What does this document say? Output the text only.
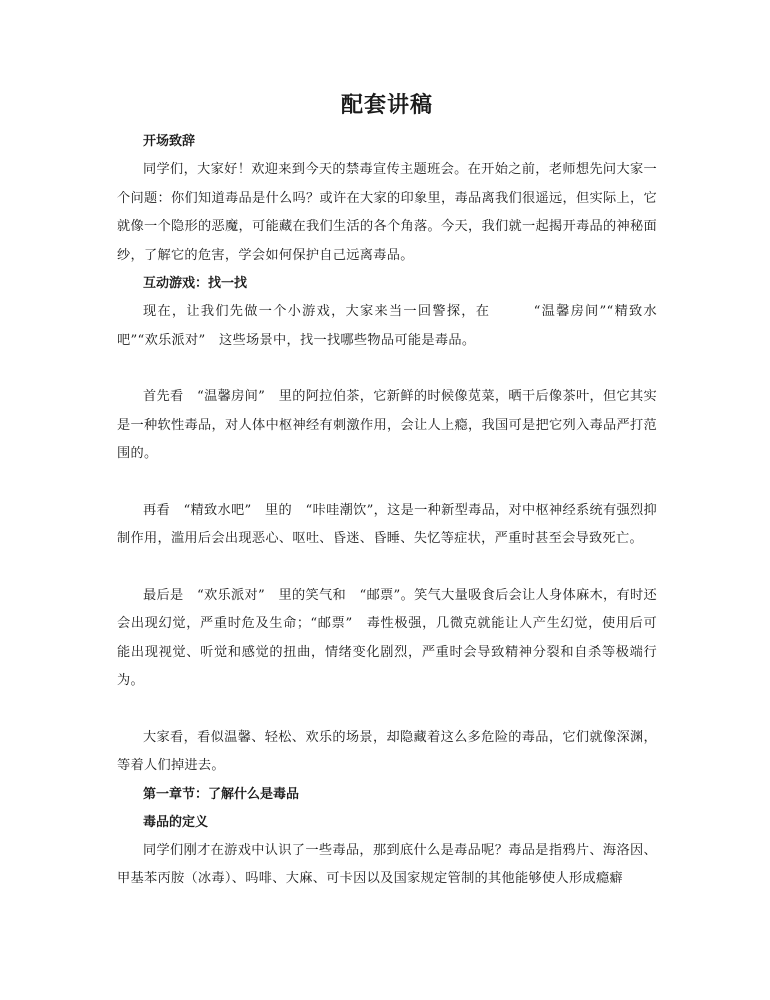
配套讲稿

开场致辞

同学们，大家好！欢迎来到今天的禁毒宣传主题班会。在开始之前，老师想先问大家一个问题：你们知道毒品是什么吗？或许在大家的印象里，毒品离我们很遥远，但实际上，它就像一个隐形的恶魔，可能藏在我们生活的各个角落。今天，我们就一起揭开毒品的神秘面纱，了解它的危害，学会如何保护自己远离毒品。

互动游戏：找一找

现在，让我们先做一个小游戏，大家来当一回警探，在　　　“温馨房间”“精致水吧”“欢乐派对”　这些场景中，找一找哪些物品可能是毒品。

首先看　“温馨房间”　里的阿拉伯茶，它新鲜的时候像苋菜，晒干后像茶叶，但它其实是一种软性毒品，对人体中枢神经有刺激作用，会让人上瘾，我国可是把它列入毒品严打范围的。

再看　“精致水吧”　里的　“咔哇潮饮”，这是一种新型毒品，对中枢神经系统有强烈抑制作用，滥用后会出现恶心、呕吐、昏迷、昏睡、失忆等症状，严重时甚至会导致死亡。

最后是　“欢乐派对”　里的笑气和　“邮票”。笑气大量吸食后会让人身体麻木，有时还会出现幻觉，严重时危及生命；“邮票”　毒性极强，几微克就能让人产生幻觉，使用后可能出现视觉、听觉和感觉的扭曲，情绪变化剧烈，严重时会导致精神分裂和自杀等极端行为。

大家看，看似温馨、轻松、欢乐的场景，却隐藏着这么多危险的毒品，它们就像深渊，等着人们掉进去。

第一章节：了解什么是毒品

毒品的定义

同学们刚才在游戏中认识了一些毒品，那到底什么是毒品呢？毒品是指鸦片、海洛因、甲基苯丙胺（冰毒）、吗啡、大麻、可卡因以及国家规定管制的其他能够使人形成瘾癖
